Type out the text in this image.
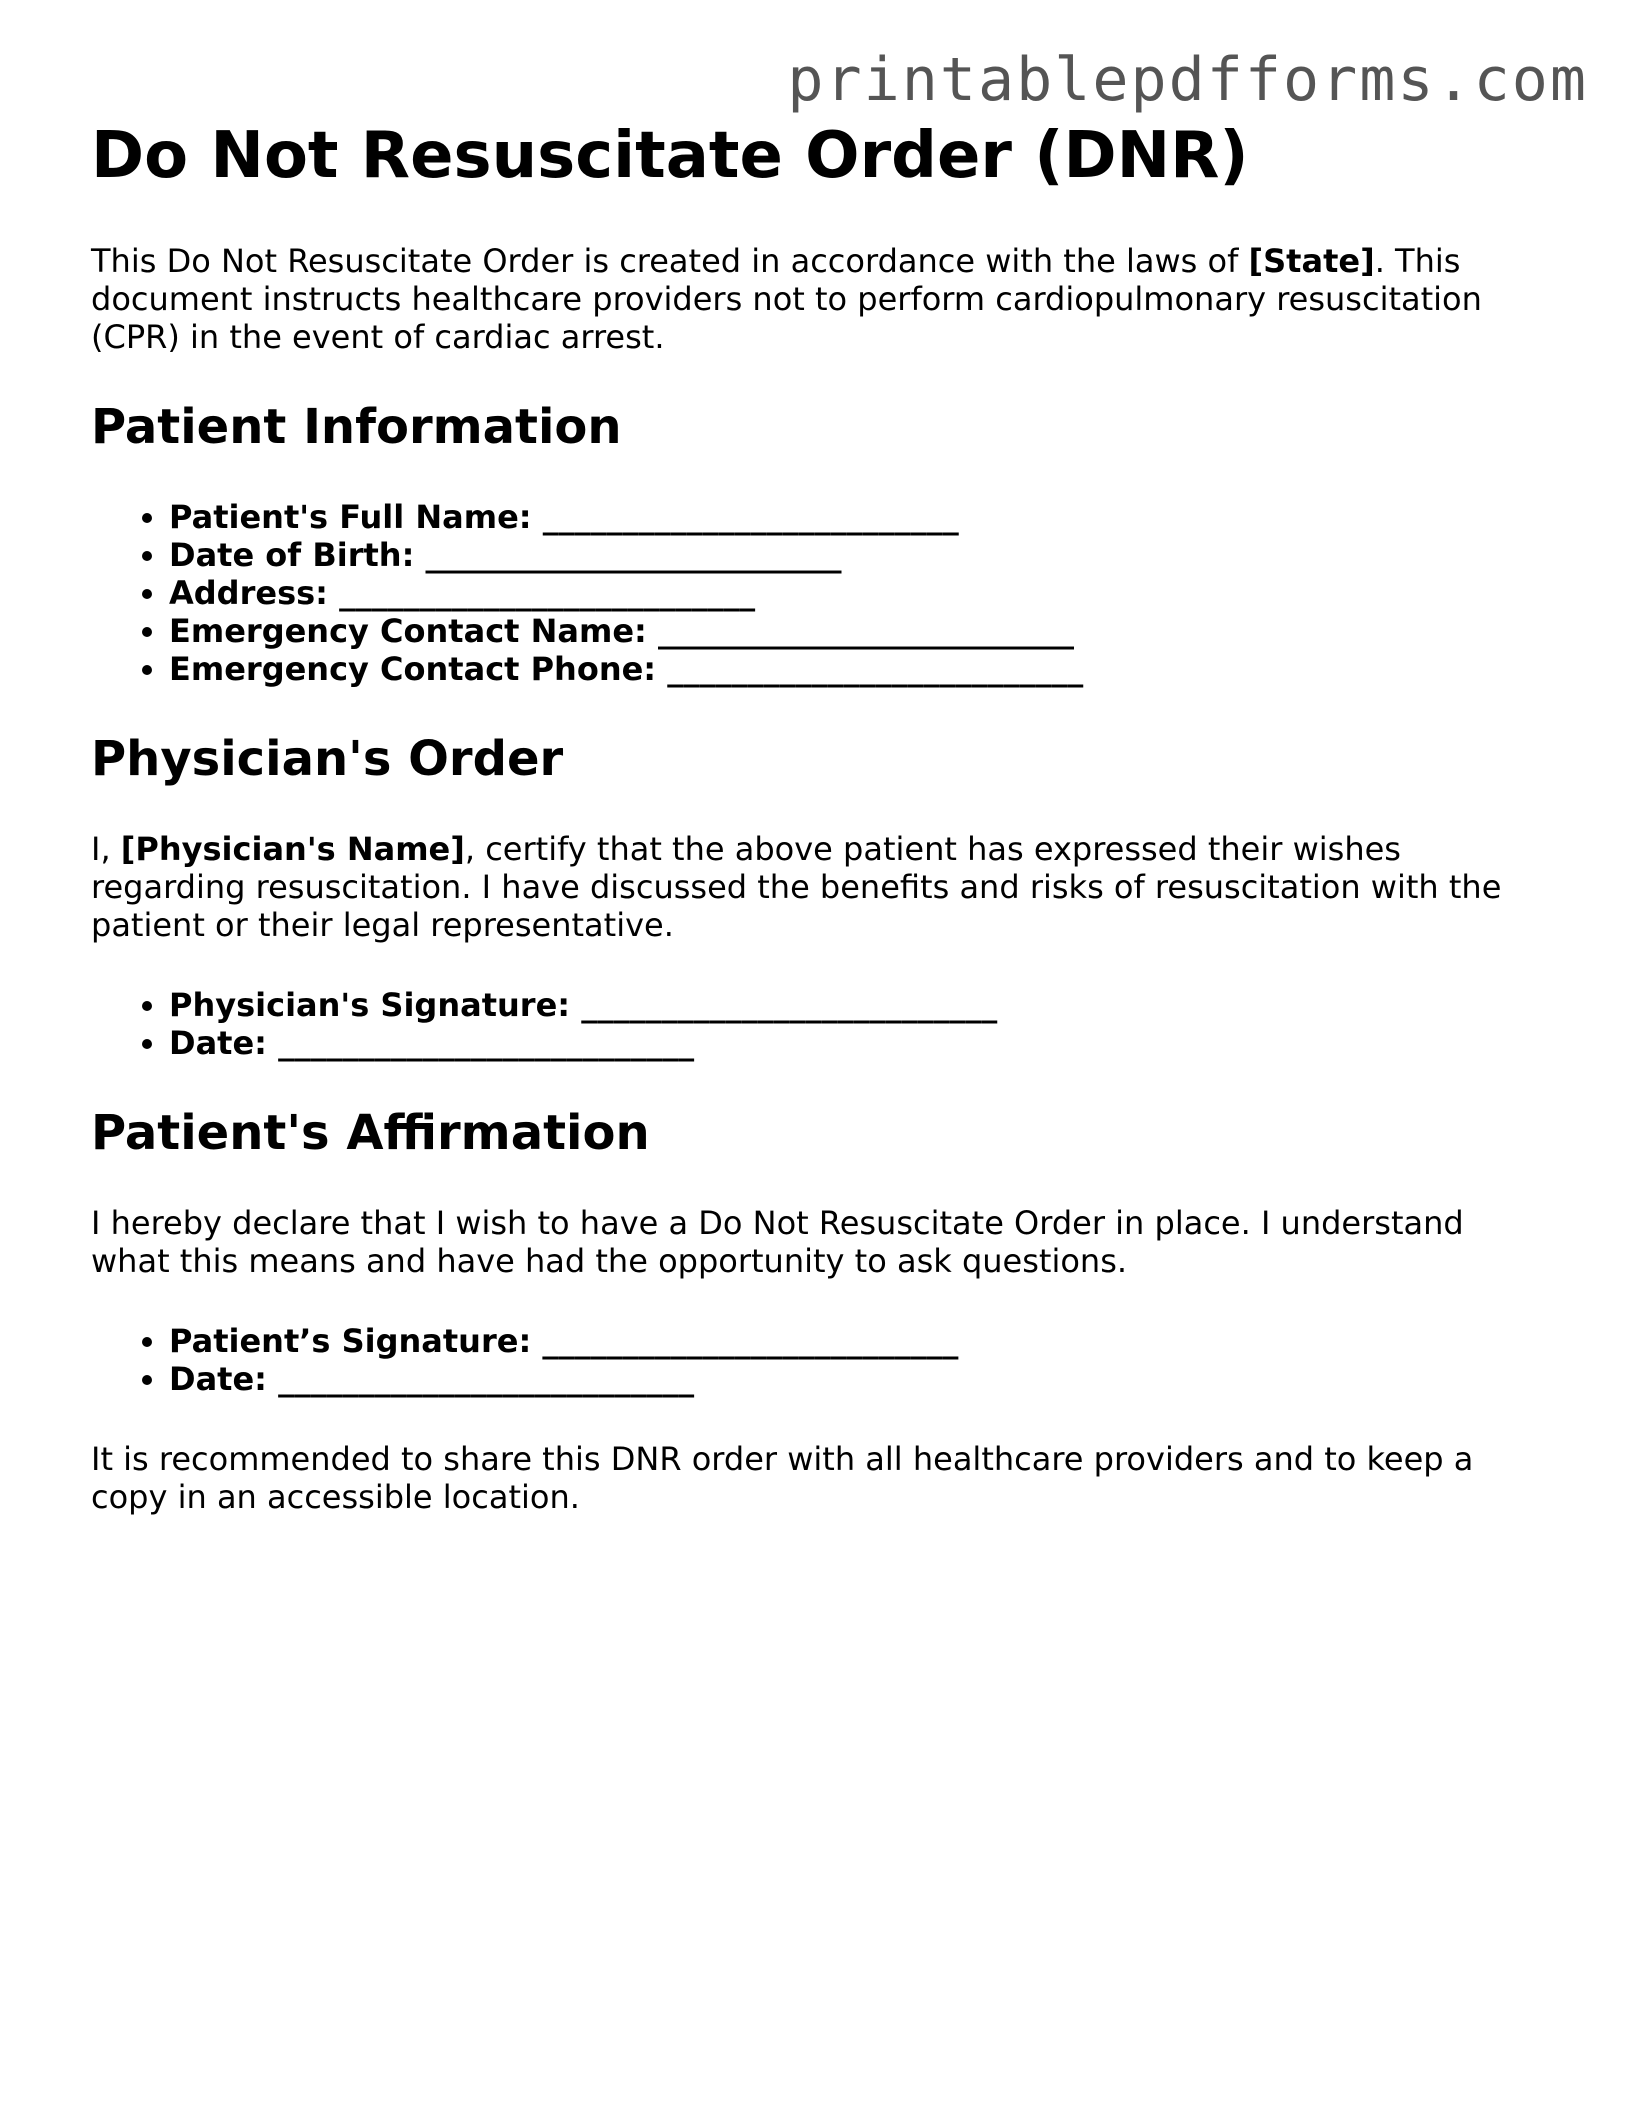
printablepdfforms.com
Do Not Resuscitate Order (DNR)

This Do Not Resuscitate Order is created in accordance with the laws of [State]. This document instructs healthcare providers not to perform cardiopulmonary resuscitation (CPR) in the event of cardiac arrest.

Patient Information
• Patient's Full Name: __________________________
• Date of Birth: __________________________
• Address: __________________________
• Emergency Contact Name: __________________________
• Emergency Contact Phone: __________________________
Physician's Order

I, [Physician's Name], certify that the above patient has expressed their wishes regarding resuscitation. I have discussed the benefits and risks of resuscitation with the patient or their legal representative.

• Physician's Signature: __________________________
• Date: __________________________
Patient's Affirmation

I hereby declare that I wish to have a Do Not Resuscitate Order in place. I understand what this means and have had the opportunity to ask questions.

• Patient’s Signature: __________________________
• Date: __________________________

It is recommended to share this DNR order with all healthcare providers and to keep a copy in an accessible location.
